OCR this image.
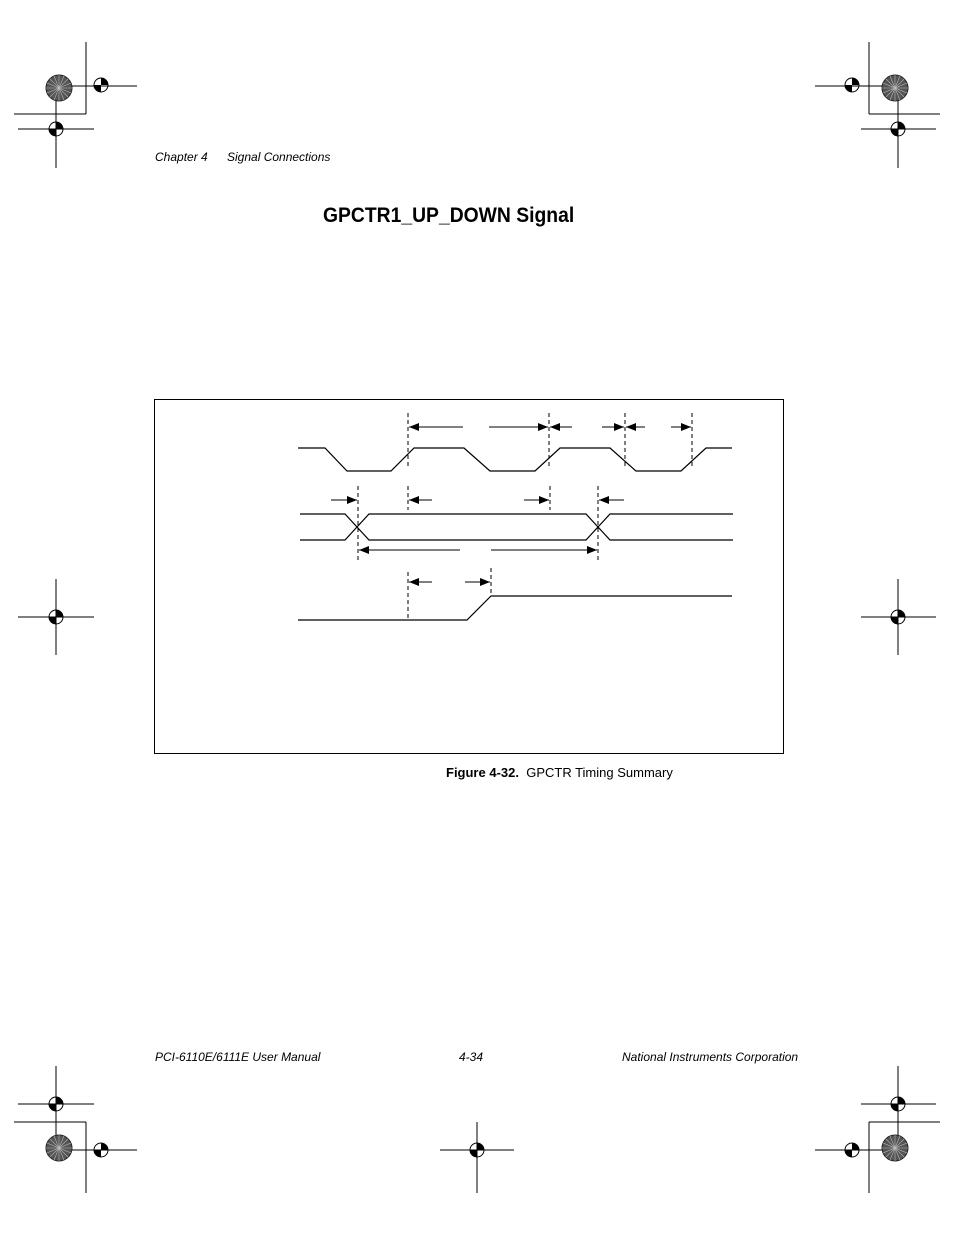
Chapter 4 Signal Connections
GPCTR1_UP_DOWN Signal
Figure 4-32. GPCTR Timing Summary
PCI-6110E/6111E User Manual	4-34	National Instruments Corporation
